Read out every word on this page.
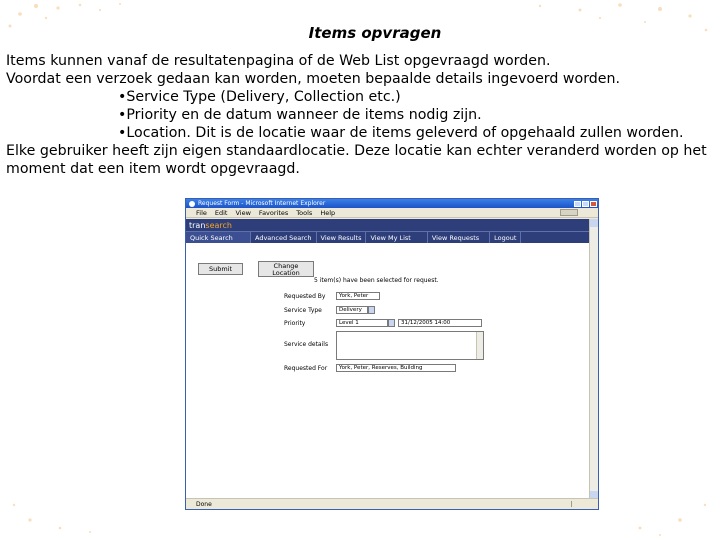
Items opvragen

Items kunnen vanaf de resultatenpagina of de Web List opgevraagd worden.

Voordat een verzoek gedaan kan worden, moeten bepaalde details ingevoerd worden.

•Service Type (Delivery, Collection etc.)

•Priority en de datum wanneer de items nodig zijn.

•Location. Dit is de locatie waar de items geleverd of opgehaald zullen worden.

Elke gebruiker heeft zijn eigen standaardlocatie. Deze locatie kan echter veranderd worden op het

moment dat een item wordt opgevraagd.

Request Form - Microsoft Internet Explorer
File Edit View Favorites Tools Help
tran search
Quick Search	Advanced Search	View Results	View My List	View Requests	Logout
Submit	Change Location
5 item(s) have been selected for request.
Requested By	York, Peter
Service Type	Delivery
Priority	Level 1	31/12/2005 14:00
Service details
Requested For	York, Peter, Reserves, Building
Done
